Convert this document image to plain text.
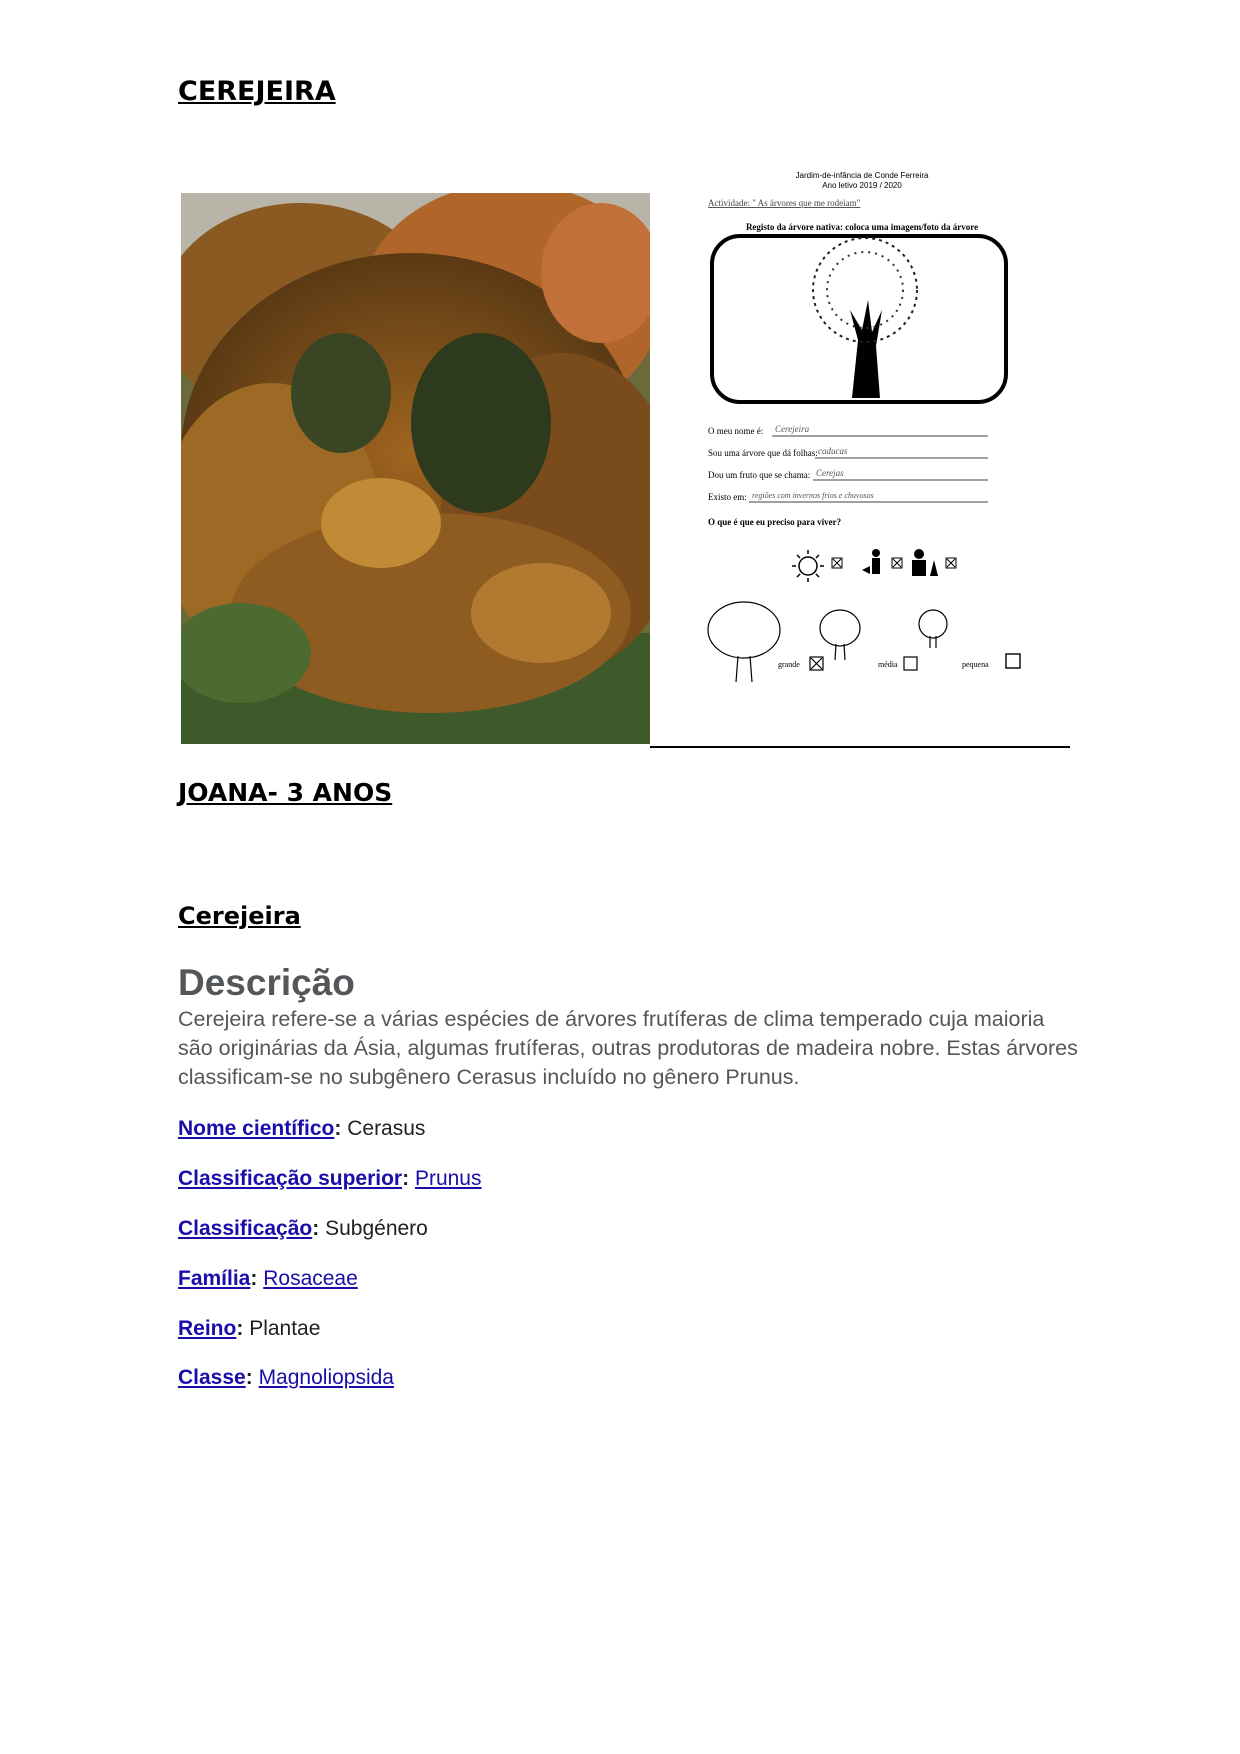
CEREJEIRA
Jardim-de-infância de Conde Ferreira
Ano letivo 2019 / 2020
Actividade: " As árvores que me rodeiam"
Registo da árvore nativa: coloca uma imagem/foto da árvore
O meu nome é: Cerejeira
Sou uma árvore que dá folhas: caducas
Dou um fruto que se chama: Cerejas
Existo em: regiões com invernos frios e chuvosos
O que é que eu preciso para viver?
grande	média	pequena
JOANA- 3 ANOS
Cerejeira
Descrição

Cerejeira refere-se a várias espécies de árvores frutíferas de clima temperado cuja maioria são originárias da Ásia, algumas frutíferas, outras produtoras de madeira nobre. Estas árvores classificam-se no subgênero Cerasus incluído no gênero Prunus.

Nome científico: Cerasus
Classificação superior: Prunus
Classificação: Subgénero
Família: Rosaceae
Reino: Plantae
Classe: Magnoliopsida
